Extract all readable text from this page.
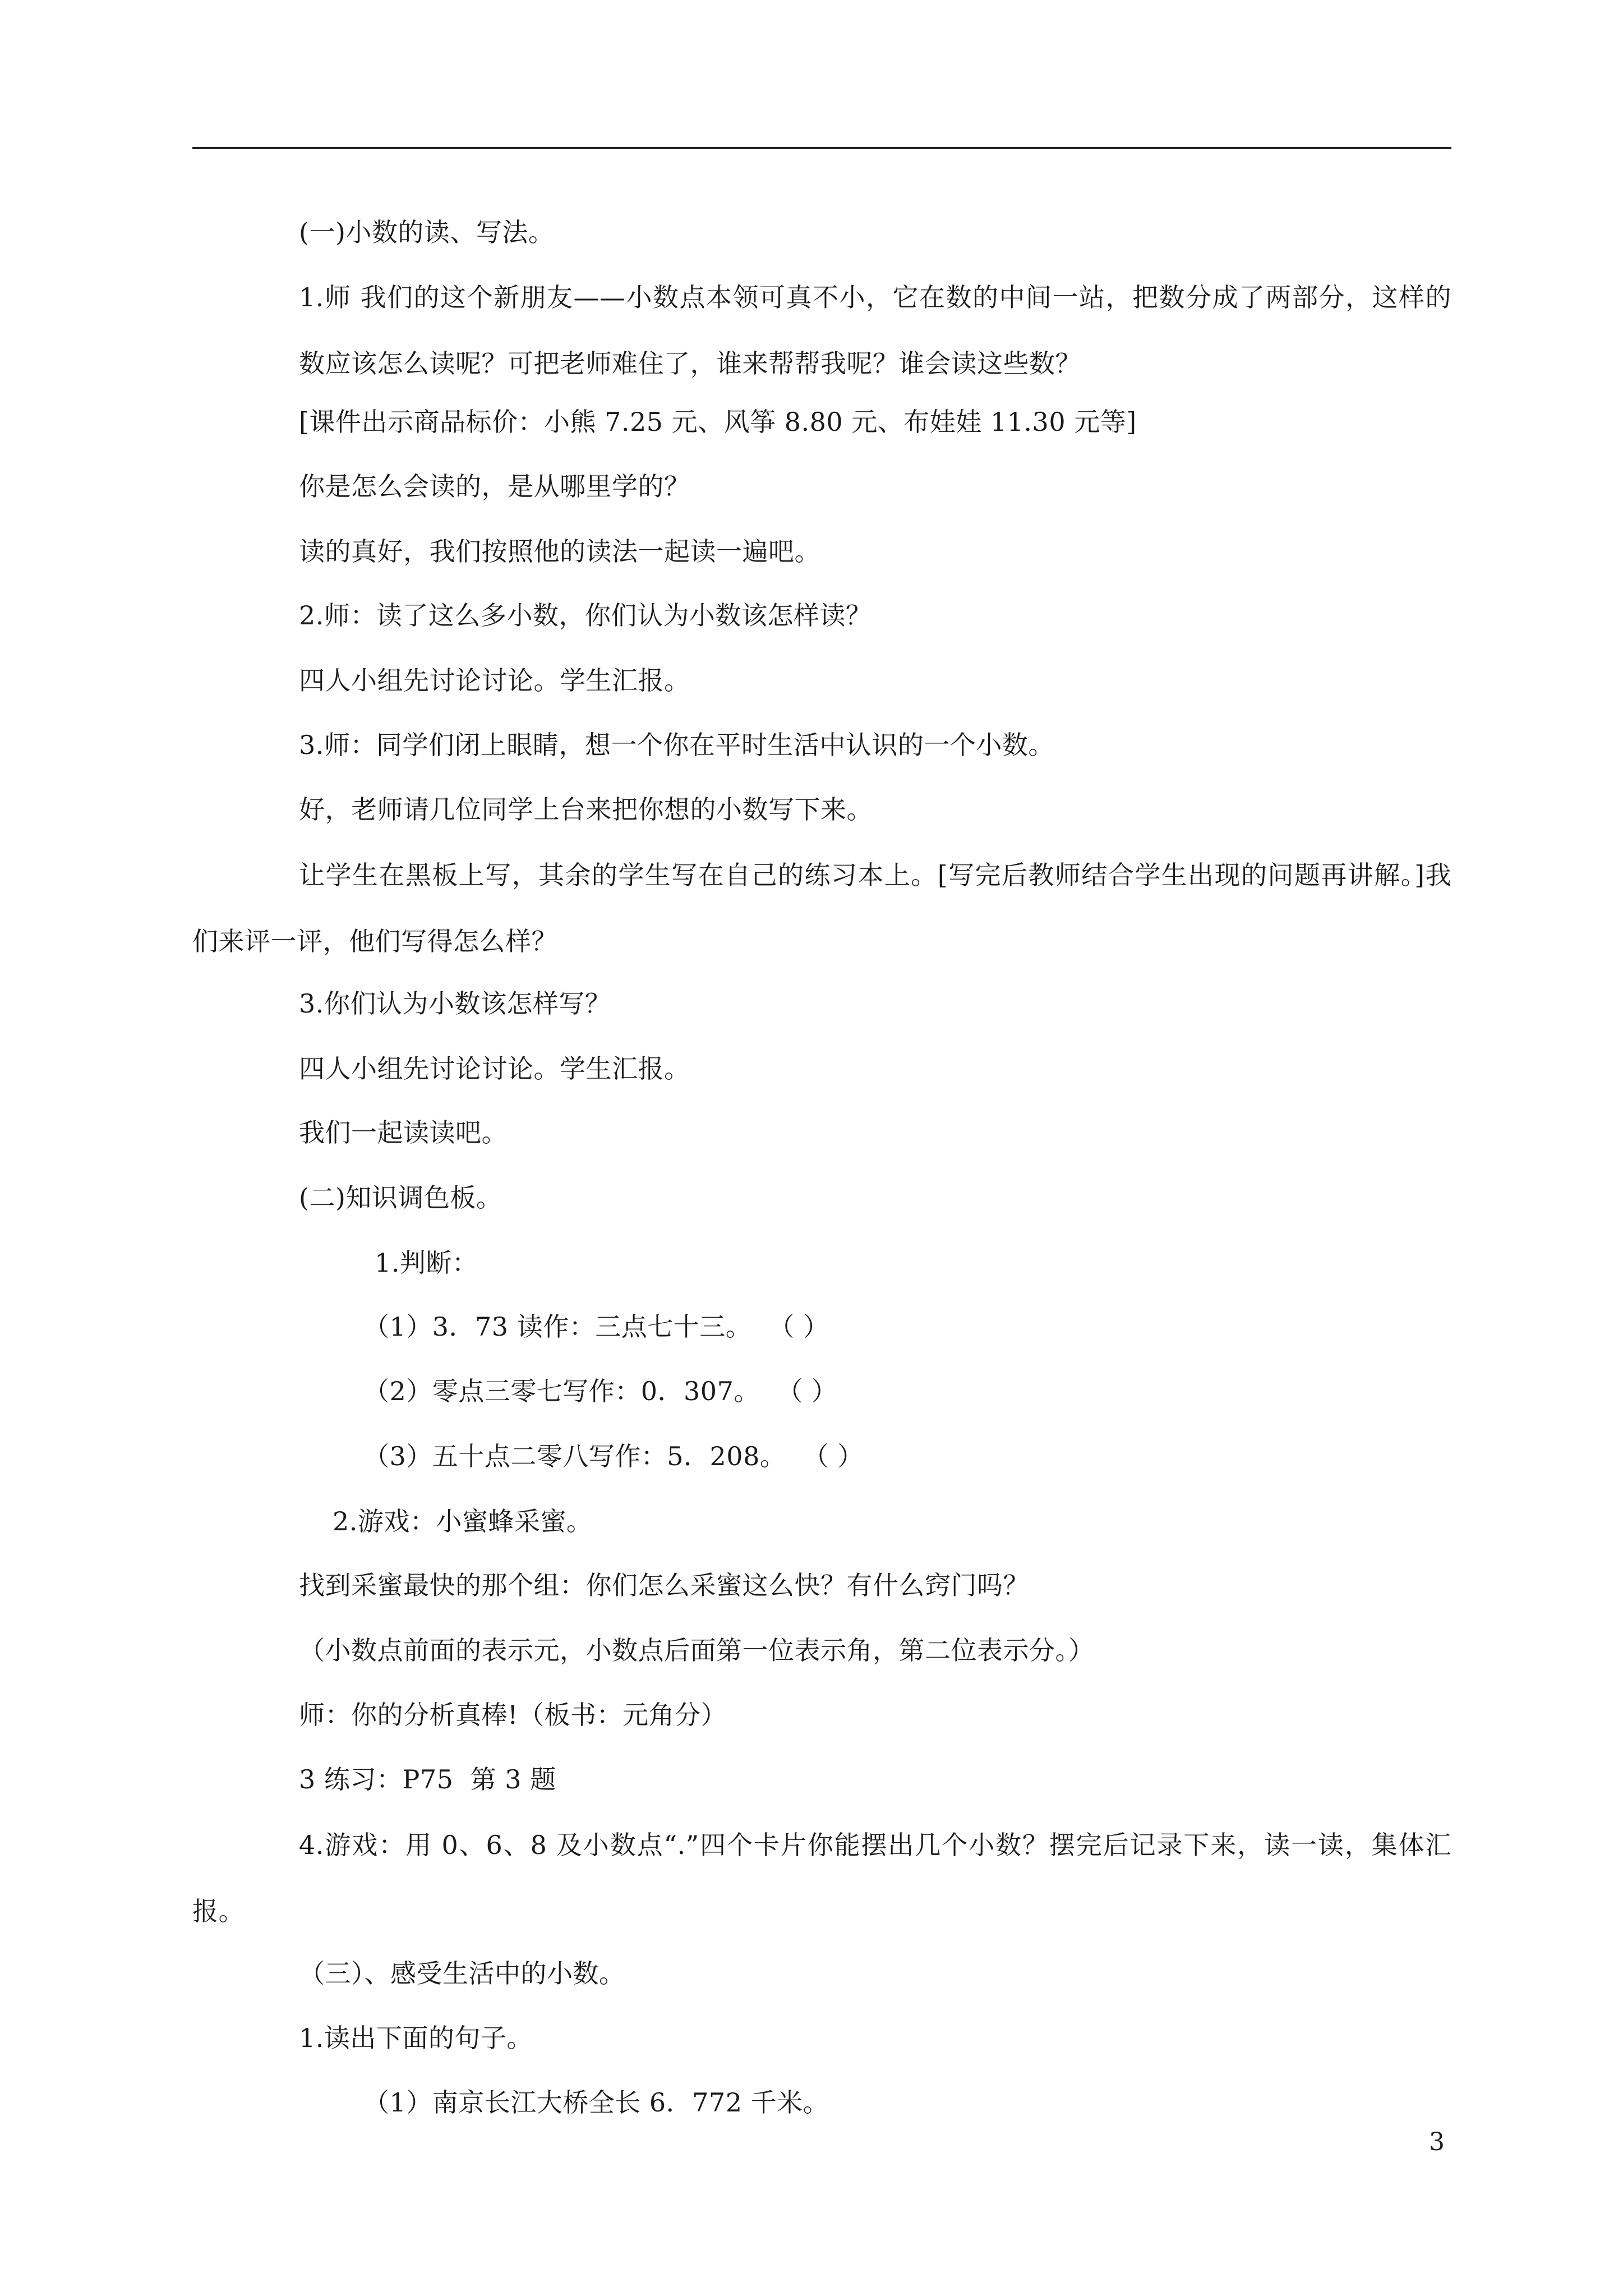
(一)小数的读、写法。
1.师 我们的这个新朋友——小数点本领可真不小，它在数的中间一站，把数分成了两部分，这样的数应该怎么读呢？可把老师难住了，谁来帮帮我呢？谁会读这些数？
[课件出示商品标价：小熊 7.25 元、风筝 8.80 元、布娃娃 11.30 元等]
你是怎么会读的，是从哪里学的？
读的真好，我们按照他的读法一起读一遍吧。
2.师：读了这么多小数，你们认为小数该怎样读？
四人小组先讨论讨论。学生汇报。
3.师：同学们闭上眼睛，想一个你在平时生活中认识的一个小数。
好，老师请几位同学上台来把你想的小数写下来。
让学生在黑板上写，其余的学生写在自己的练习本上。[写完后教师结合学生出现的问题再讲解。]我们来评一评，他们写得怎么样？
3.你们认为小数该怎样写？
四人小组先讨论讨论。学生汇报。
我们一起读读吧。
(二)知识调色板。
1.判断：
（1）3．73 读作：三点七十三。  （ ）
（2）零点三零七写作：0．307。  （ ）
（3）五十点二零八写作：5．208。  （ ）
2.游戏：小蜜蜂采蜜。
找到采蜜最快的那个组：你们怎么采蜜这么快？有什么窍门吗？
（小数点前面的表示元，小数点后面第一位表示角，第二位表示分。）
师：你的分析真棒!（板书：元角分）
3 练习：P75  第 3 题
4.游戏：用 0、6、8 及小数点“.”四个卡片你能摆出几个小数？摆完后记录下来，读一读，集体汇报。
（三）、感受生活中的小数。
1.读出下面的句子。
（1）南京长江大桥全长 6．772 千米。
3
